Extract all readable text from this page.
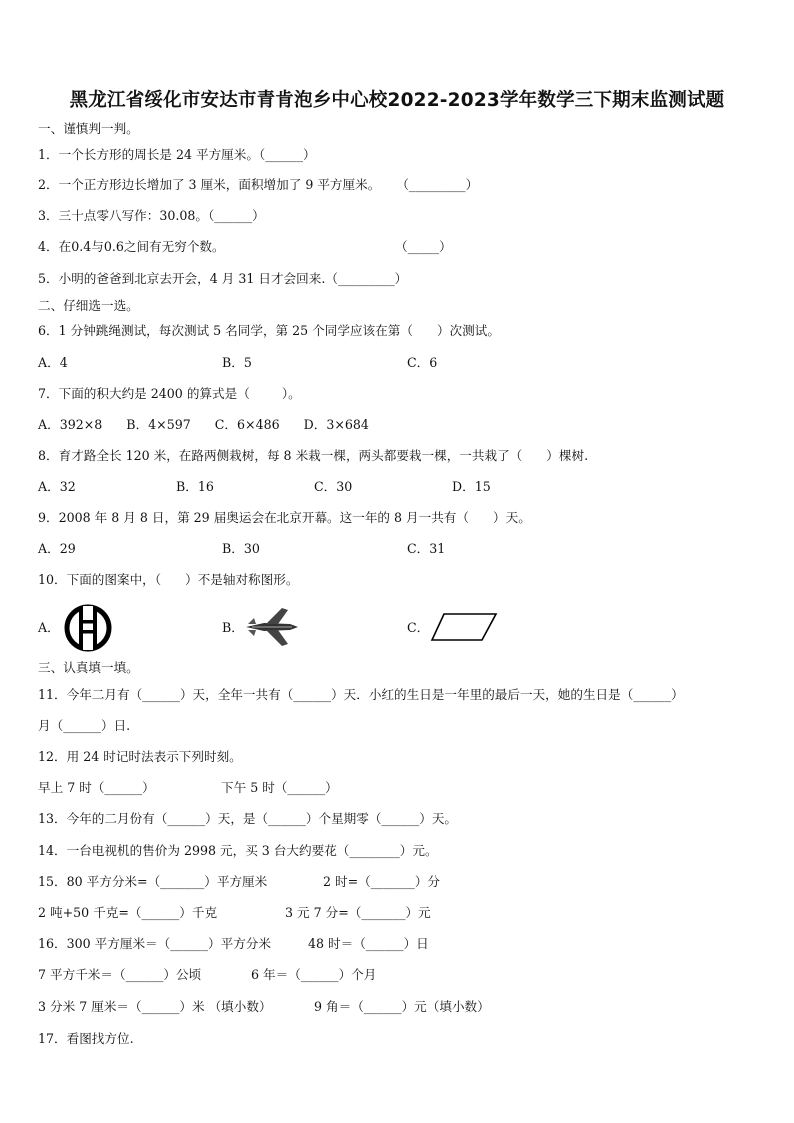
黑龙江省绥化市安达市青肯泡乡中心校2022-2023学年数学三下期末监测试题
一、谨慎判一判。
1．一个长方形的周长是 24 平方厘米。（______）
2．一个正方形边长增加了 3 厘米，面积增加了 9 平方厘米。    （_________）
3．三十点零八写作：30.08。（______）
4．在0.4与0.6之间有无穷个数。	（_____）
5．小明的爸爸到北京去开会，4 月 31 日才会回来.（_________）
二、仔细选一选。
6．1 分钟跳绳测试，每次测试 5 名同学，第 25 个同学应该在第（      ）次测试。
A．4	B．5	C．6
7．下面的积大约是 2400 的算式是（        ）。
A．392×8      B．4×597      C．6×486      D．3×684
8．育才路全长 120 米，在路两侧栽树，每 8 米栽一棵，两头都要栽一棵，一共栽了（      ）棵树.
A．32	B．16	C．30	D．15
9．2008 年 8 月 8 日，第 29 届奥运会在北京开幕。这一年的 8 月一共有（      ）天。
A．29	B．30	C．31
10．下面的图案中，（      ）不是轴对称图形。
A．	B．	C．
三、认真填一填。
11．今年二月有（______）天，全年一共有（______）天．小红的生日是一年里的最后一天，她的生日是（______）
月（______）日.
12．用 24 时记时法表示下列时刻。
早上 7 时（______）	下午 5 时（______）
13．今年的二月份有（______）天，是（______）个星期零（______）天。
14．一台电视机的售价为 2998 元，买 3 台大约要花（________）元。
15．80 平方分米=（_______）平方厘米	2 时=（_______）分
2 吨+50 千克=（______）千克	3 元 7 分=（_______）元
16．300 平方厘米＝（______）平方分米	48 时＝（______）日
7 平方千米＝（______）公顷	6 年＝（______）个月
3 分米 7 厘米＝（______）米 （填小数）	9 角＝（______）元（填小数）
17．看图找方位.
